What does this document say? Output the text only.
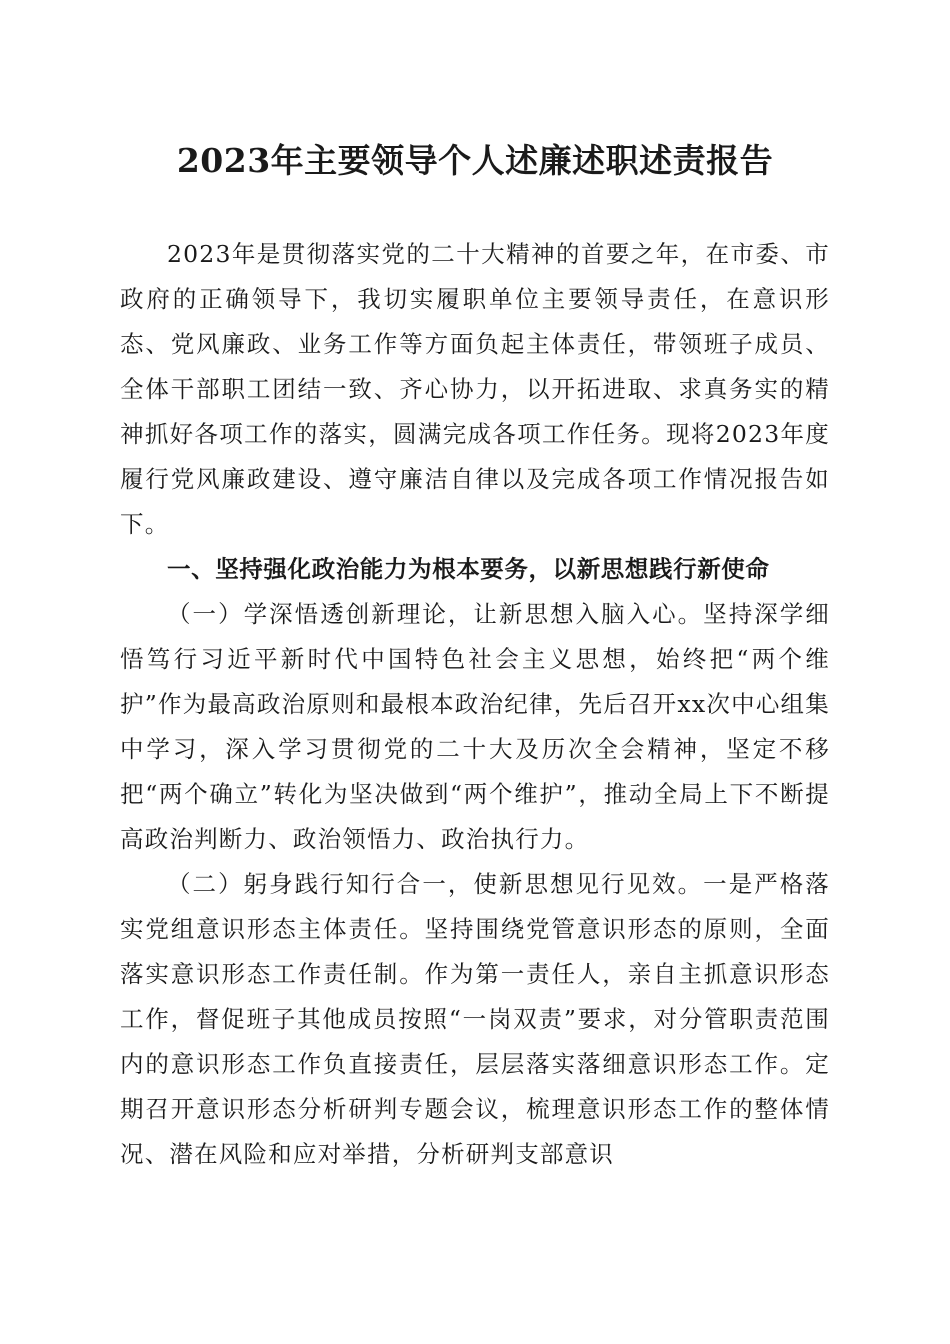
2023年主要领导个人述廉述职述责报告

2023年是贯彻落实党的二十大精神的首要之年，在市委、市政府的正确领导下，我切实履职单位主要领导责任，在意识形态、党风廉政、业务工作等方面负起主体责任，带领班子成员、全体干部职工团结一致、齐心协力，以开拓进取、求真务实的精神抓好各项工作的落实，圆满完成各项工作任务。现将2023年度履行党风廉政建设、遵守廉洁自律以及完成各项工作情况报告如下。

一、坚持强化政治能力为根本要务，以新思想践行新使命

（一）学深悟透创新理论，让新思想入脑入心。坚持深学细悟笃行习近平新时代中国特色社会主义思想，始终把“两个维护”作为最高政治原则和最根本政治纪律，先后召开xx次中心组集中学习，深入学习贯彻党的二十大及历次全会精神，坚定不移把“两个确立”转化为坚决做到“两个维护”，推动全局上下不断提高政治判断力、政治领悟力、政治执行力。

（二）躬身践行知行合一，使新思想见行见效。一是严格落实党组意识形态主体责任。坚持围绕党管意识形态的原则，全面落实意识形态工作责任制。作为第一责任人，亲自主抓意识形态工作，督促班子其他成员按照“一岗双责”要求，对分管职责范围内的意识形态工作负直接责任，层层落实落细意识形态工作。定期召开意识形态分析研判专题会议，梳理意识形态工作的整体情况、潜在风险和应对举措，分析研判支部意识
